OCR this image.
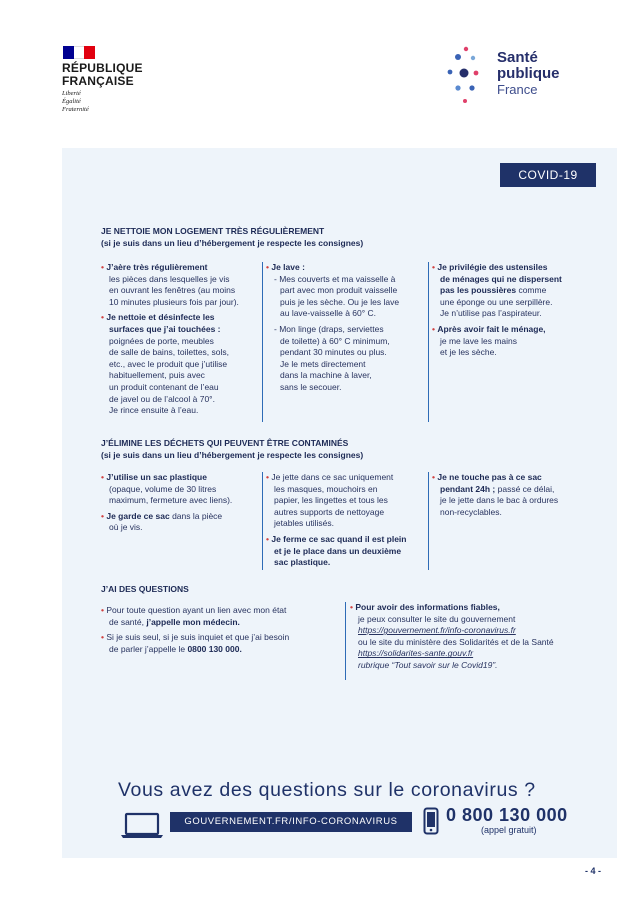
RÉPUBLIQUE
FRANÇAISE
Liberté
Égalité
Fraternité
Santé
publique
France
COVID-19
JE NETTOIE MON LOGEMENT TRÈS RÉGULIÈREMENT
(si je suis dans un lieu d’hébergement je respecte les consignes)
• J’aère très régulièrement
les pièces dans lesquelles je vis
en ouvrant les fenêtres (au moins
10 minutes plusieurs fois par jour).
• Je nettoie et désinfecte les
surfaces que j’ai touchées :
poignées de porte, meubles
de salle de bains, toilettes, sols,
etc., avec le produit que j’utilise
habituellement, puis avec
un produit contenant de l’eau
de javel ou de l’alcool à 70°.
Je rince ensuite à l’eau.
• Je lave :
- Mes couverts et ma vaisselle à
part avec mon produit vaisselle
puis je les sèche. Ou je les lave
au lave-vaisselle à 60° C.
- Mon linge (draps, serviettes
de toilette) à 60° C minimum,
pendant 30 minutes ou plus.
Je le mets directement
dans la machine à laver,
sans le secouer.
• Je privilégie des ustensiles
de ménages qui ne dispersent
pas les poussières comme
une éponge ou une serpillère.
Je n’utilise pas l’aspirateur.
• Après avoir fait le ménage,
je me lave les mains
et je les sèche.
J’ÉLIMINE LES DÉCHETS QUI PEUVENT ÊTRE CONTAMINÉS
(si je suis dans un lieu d’hébergement je respecte les consignes)
• J’utilise un sac plastique
(opaque, volume de 30 litres
maximum, fermeture avec liens).
• Je garde ce sac dans la pièce
où je vis.
• Je jette dans ce sac uniquement
les masques, mouchoirs en
papier, les lingettes et tous les
autres supports de nettoyage
jetables utilisés.
• Je ferme ce sac quand il est plein
et je le place dans un deuxième
sac plastique.
• Je ne touche pas à ce sac
pendant 24h ; passé ce délai,
je le jette dans le bac à ordures
non-recyclables.
J’AI DES QUESTIONS
• Pour toute question ayant un lien avec mon état
de santé, j’appelle mon médecin.
• Si je suis seul, si je suis inquiet et que j’ai besoin
de parler j’appelle le 0800 130 000.
• Pour avoir des informations fiables,
je peux consulter le site du gouvernement
https://gouvernement.fr/info-coronavirus.fr
ou le site du ministère des Solidarités et de la Santé
https://solidarites-sante.gouv.fr
rubrique “Tout savoir sur le Covid19”.
Vous avez des questions sur le coronavirus ?
GOUVERNEMENT.FR/INFO-CORONAVIRUS	0 800 130 000
(appel gratuit)
- 4 -
